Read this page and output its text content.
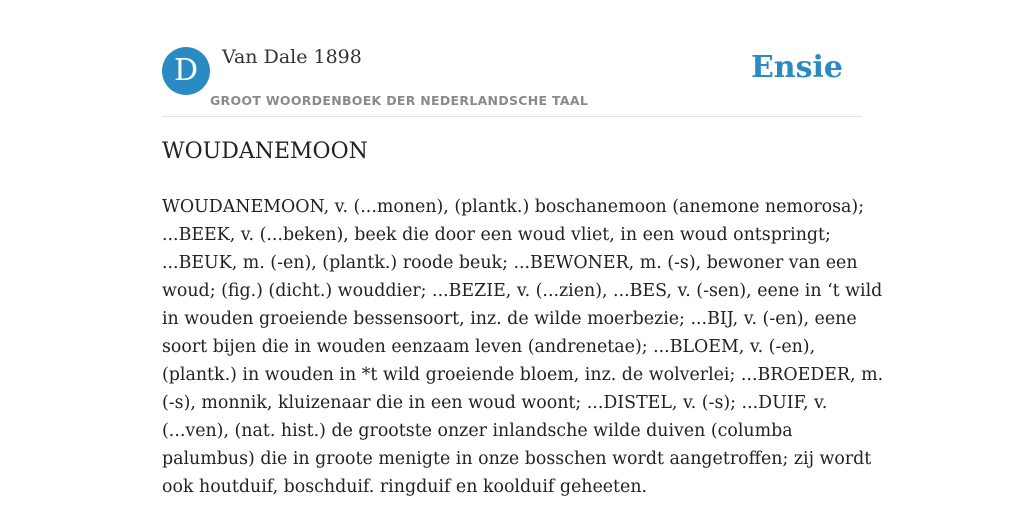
D	Van Dale 1898
GROOT WOORDENBOEK DER NEDERLANDSCHE TAAL
Ensie
WOUDANEMOON
WOUDANEMOON, v. (...monen), (plantk.) boschanemoon (anemone nemorosa);
...BEEK, v. (...beken), beek die door een woud vliet, in een woud ontspringt;
...BEUK, m. (-en), (plantk.) roode beuk; ...BEWONER, m. (-s), bewoner van een
woud; (fig.) (dicht.) wouddier; ...BEZIE, v. (...zien), ...BES, v. (-sen), eene in ‘t wild
in wouden groeiende bessensoort, inz. de wilde moerbezie; ...BIJ, v. (-en), eene
soort bijen die in wouden eenzaam leven (andrenetae); ...BLOEM, v. (-en),
(plantk.) in wouden in *t wild groeiende bloem, inz. de wolverlei; ...BROEDER, m.
(-s), monnik, kluizenaar die in een woud woont; ...DISTEL, v. (-s); ...DUIF, v.
(...ven), (nat. hist.) de grootste onzer inlandsche wilde duiven (columba
palumbus) die in groote menigte in onze bosschen wordt aangetroffen; zij wordt
ook houtduif, boschduif. ringduif en koolduif geheeten.
